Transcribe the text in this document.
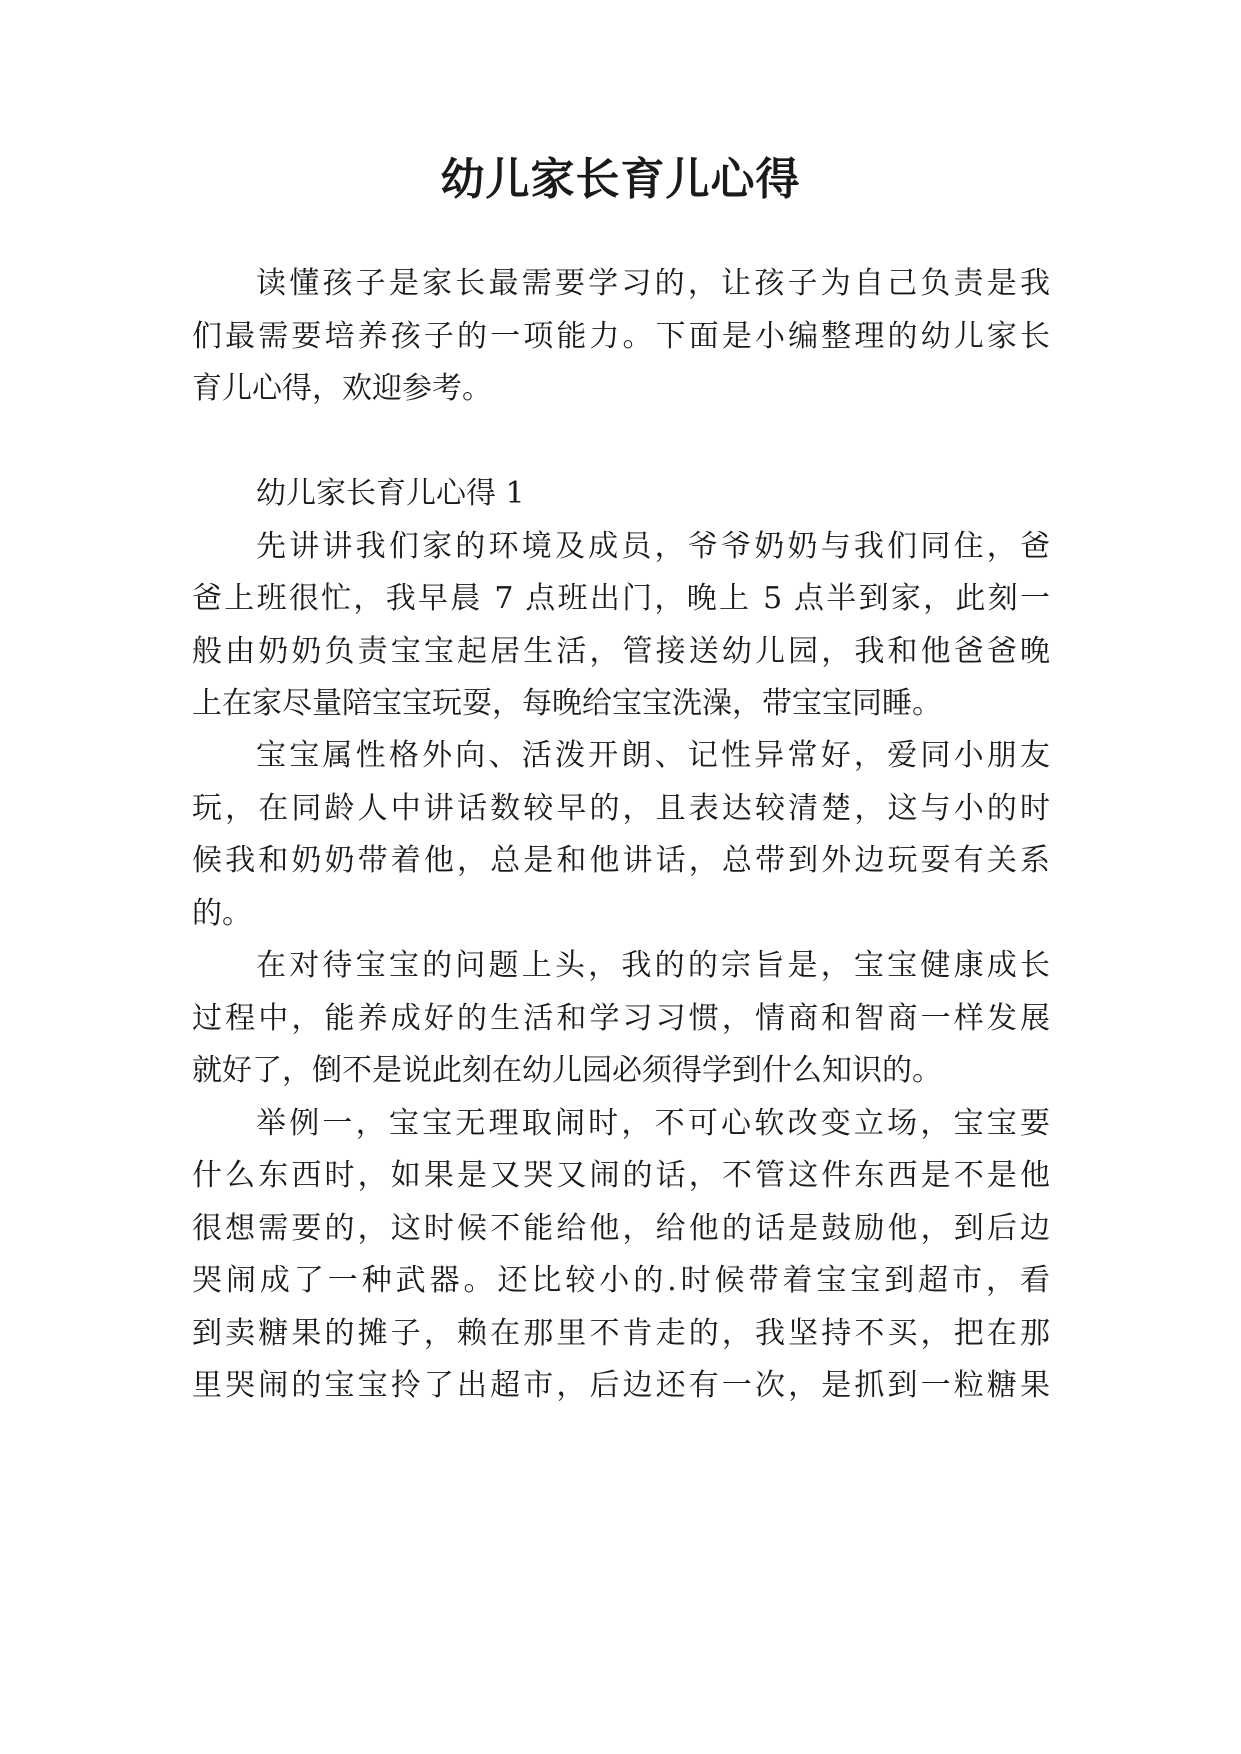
幼儿家长育儿心得
读懂孩子是家长最需要学习的，让孩子为自己负责是我
们最需要培养孩子的一项能力。下面是小编整理的幼儿家长
育儿心得，欢迎参考。
幼儿家长育儿心得 1
先讲讲我们家的环境及成员，爷爷奶奶与我们同住，爸
爸上班很忙，我早晨 7 点班出门，晚上 5 点半到家，此刻一
般由奶奶负责宝宝起居生活，管接送幼儿园，我和他爸爸晚
上在家尽量陪宝宝玩耍，每晚给宝宝洗澡，带宝宝同睡。
宝宝属性格外向、活泼开朗、记性异常好，爱同小朋友
玩，在同龄人中讲话数较早的，且表达较清楚，这与小的时
候我和奶奶带着他，总是和他讲话，总带到外边玩耍有关系
的。
在对待宝宝的问题上头，我的的宗旨是，宝宝健康成长
过程中，能养成好的生活和学习习惯，情商和智商一样发展
就好了，倒不是说此刻在幼儿园必须得学到什么知识的。
举例一，宝宝无理取闹时，不可心软改变立场，宝宝要
什么东西时，如果是又哭又闹的话，不管这件东西是不是他
很想需要的，这时候不能给他，给他的话是鼓励他，到后边
哭闹成了一种武器。还比较小的.时候带着宝宝到超市，看
到卖糖果的摊子，赖在那里不肯走的，我坚持不买，把在那
里哭闹的宝宝拎了出超市，后边还有一次，是抓到一粒糖果
